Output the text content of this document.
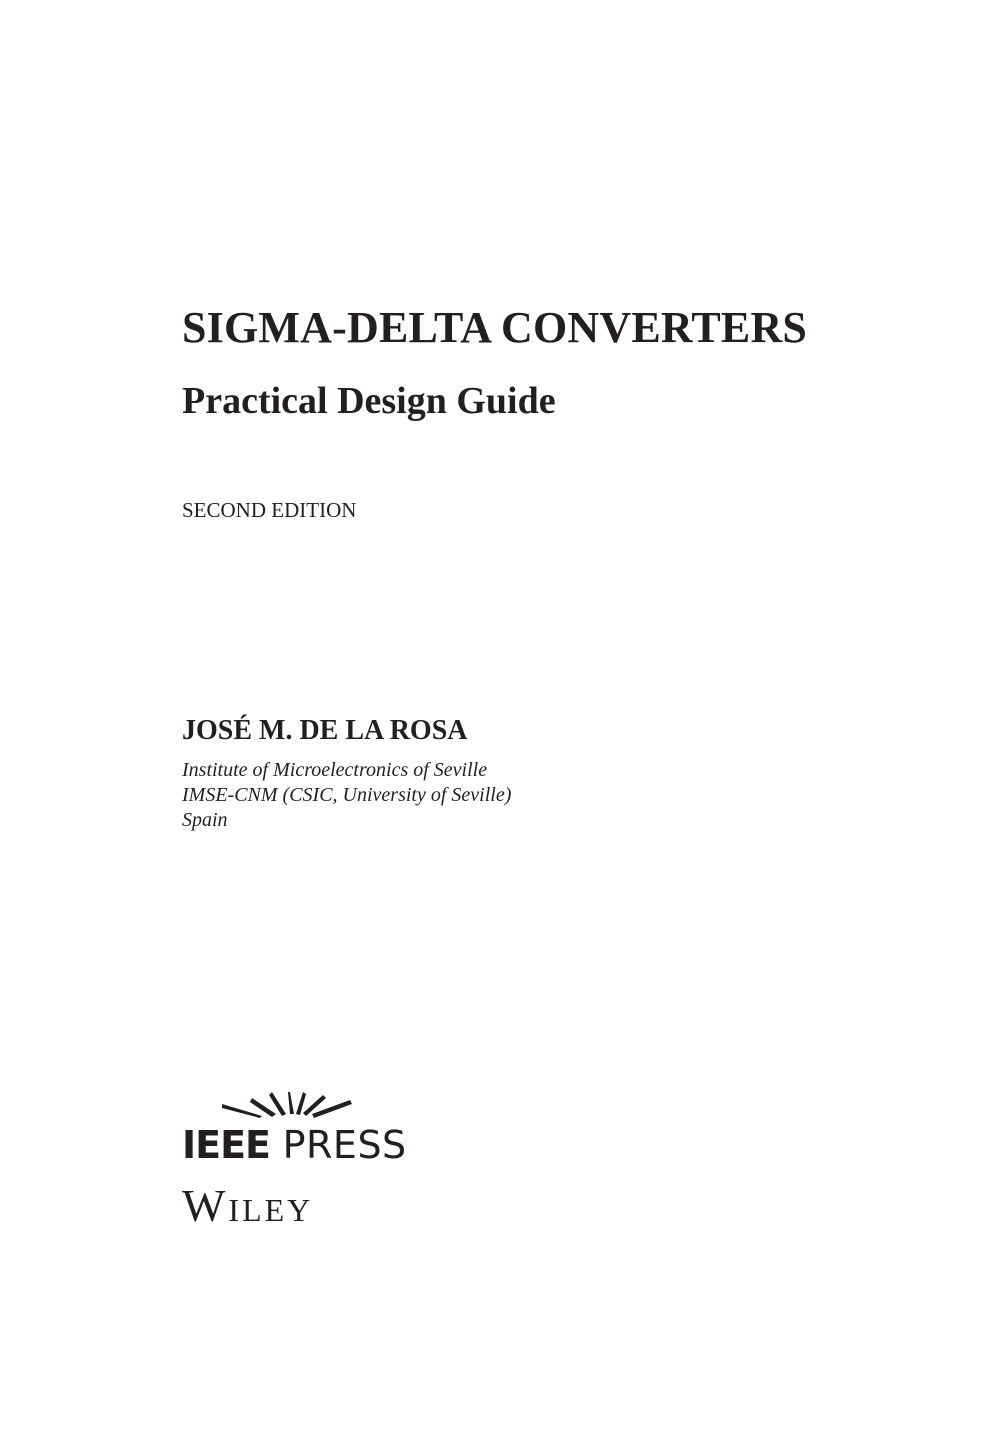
SIGMA-DELTA CONVERTERS
Practical Design Guide
SECOND EDITION
JOSÉ M. DE LA ROSA
Institute of Microelectronics of Seville
IMSE-CNM (CSIC, University of Seville)
Spain
IEEE PRESS
Wiley
